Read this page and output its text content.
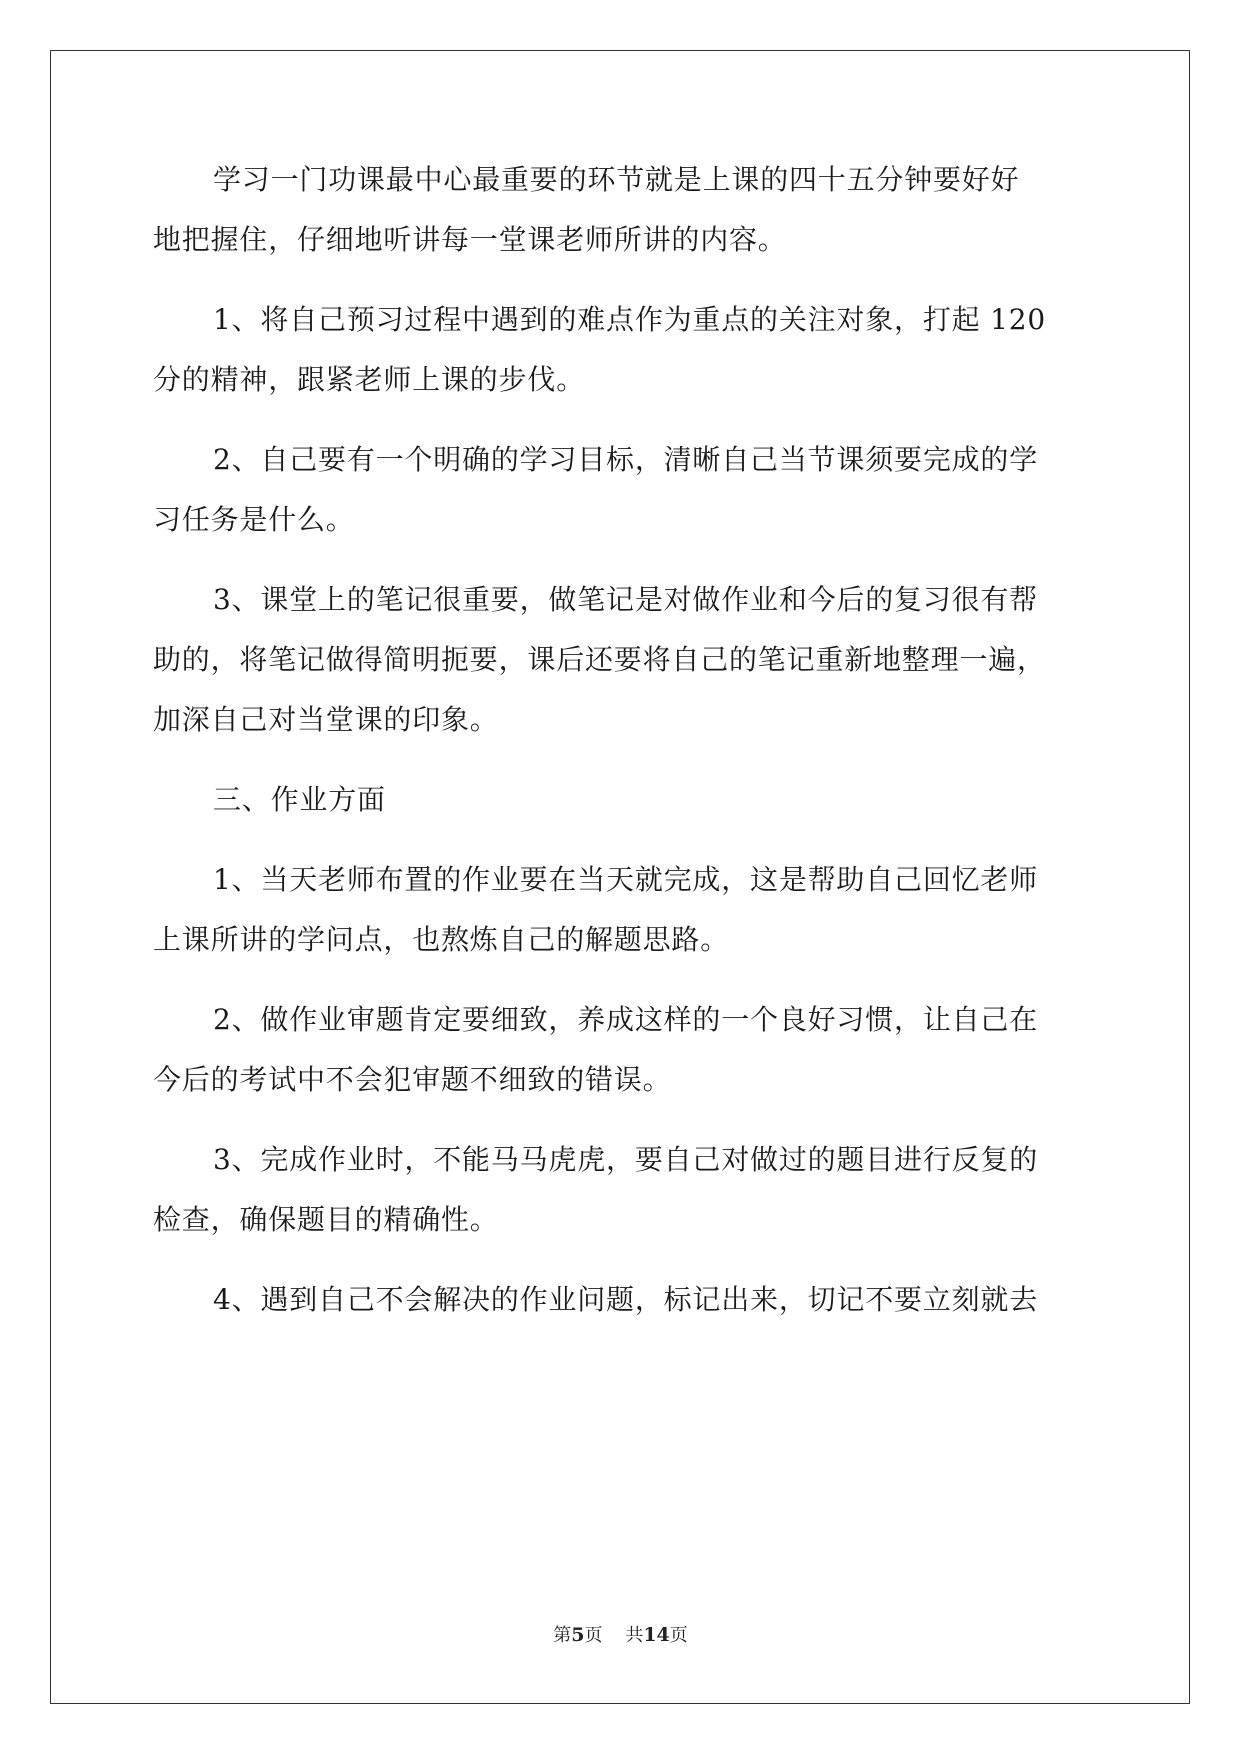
学习一门功课最中心最重要的环节就是上课的四十五分钟要好好
地把握住，仔细地听讲每一堂课老师所讲的内容。
1、将自己预习过程中遇到的难点作为重点的关注对象，打起 120
分的精神，跟紧老师上课的步伐。
2、自己要有一个明确的学习目标，清晰自己当节课须要完成的学
习任务是什么。
3、课堂上的笔记很重要，做笔记是对做作业和今后的复习很有帮
助的，将笔记做得简明扼要，课后还要将自己的笔记重新地整理一遍，
加深自己对当堂课的印象。
三、作业方面
1、当天老师布置的作业要在当天就完成，这是帮助自己回忆老师
上课所讲的学问点，也熬炼自己的解题思路。
2、做作业审题肯定要细致，养成这样的一个良好习惯，让自己在
今后的考试中不会犯审题不细致的错误。
3、完成作业时，不能马马虎虎，要自己对做过的题目进行反复的
检查，确保题目的精确性。
4、遇到自己不会解决的作业问题，标记出来，切记不要立刻就去
第5页 共14页
